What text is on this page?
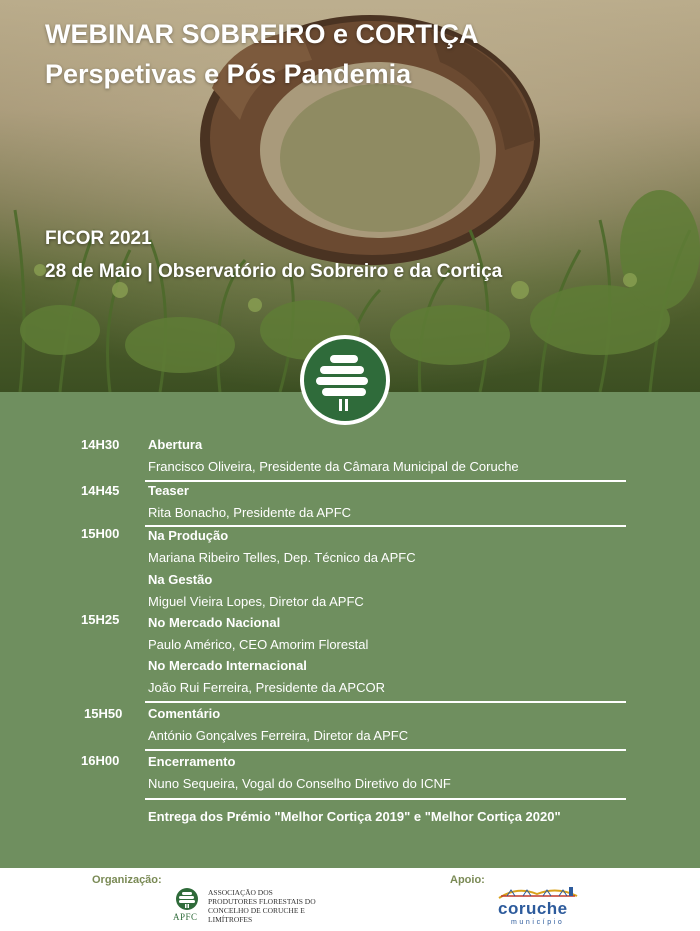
WEBINAR SOBREIRO e CORTIÇA
Perspetivas e Pós Pandemia
FICOR 2021
28 de Maio | Observatório do Sobreiro e da Cortiça
14H30 Abertura
Francisco Oliveira, Presidente da Câmara Municipal de Coruche
14H45 Teaser
Rita Bonacho, Presidente da APFC
15H00 Na Produção
Mariana Ribeiro Telles, Dep. Técnico da APFC
Na Gestão
Miguel Vieira Lopes, Diretor da APFC
15H25 No Mercado Nacional
Paulo Américo, CEO Amorim Florestal
No Mercado Internacional
João Rui Ferreira, Presidente da APCOR
15H50 Comentário
António Gonçalves Ferreira, Diretor da APFC
16H00 Encerramento
Nuno Sequeira, Vogal do Conselho Diretivo do ICNF
Entrega dos Prémio "Melhor Cortiça 2019" e "Melhor Cortiça 2020"
Organização:	Apoio:
APFC
ASSOCIAÇÃO DOS PRODUTORES FLORESTAIS DO CONCELHO DE CORUCHE E LIMÍTROFES
coruche
município
